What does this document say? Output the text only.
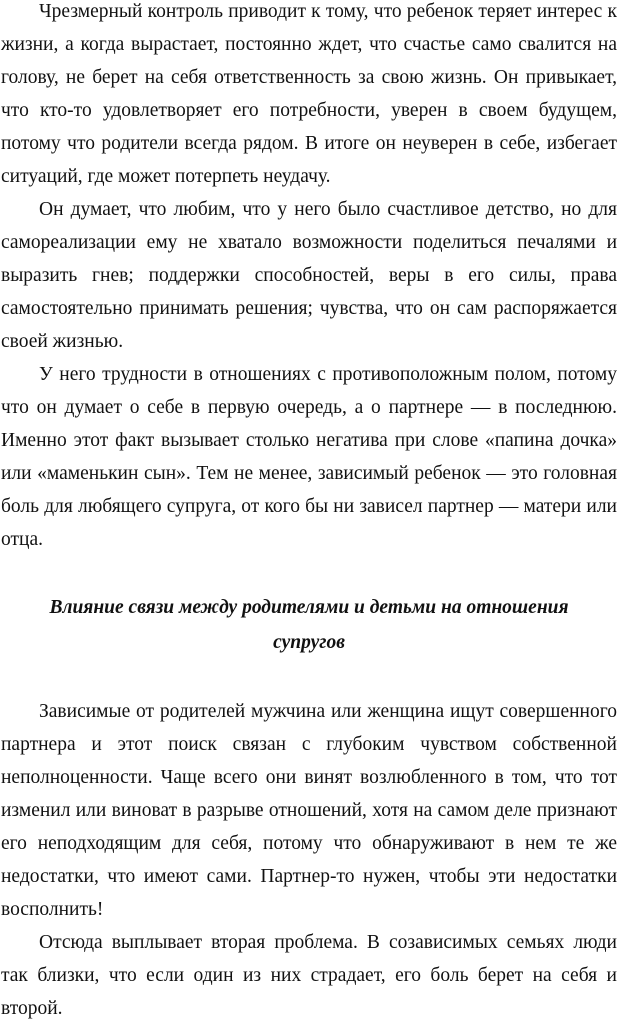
Чрезмерный контроль приводит к тому, что ребенок теряет интерес к жизни, а когда вырастает, постоянно ждет, что счастье само свалится на голову, не берет на себя ответственность за свою жизнь. Он привыкает, что кто-то удовлетворяет его потребности, уверен в своем будущем, потому что родители всегда рядом. В итоге он неуверен в себе, избегает ситуаций, где может потерпеть неудачу.

Он думает, что любим, что у него было счастливое детство, но для самореализации ему не хватало возможности поделиться печалями и выразить гнев; поддержки способностей, веры в его силы, права самостоятельно принимать решения; чувства, что он сам распоряжается своей жизнью.

У него трудности в отношениях с противоположным полом, потому что он думает о себе в первую очередь, а о партнере — в последнюю. Именно этот факт вызывает столько негатива при слове «папина дочка» или «маменькин сын». Тем не менее, зависимый ребенок — это головная боль для любящего супруга, от кого бы ни зависел партнер — матери или отца.

Влияние связи между родителями и детьми на отношения супругов

Зависимые от родителей мужчина или женщина ищут совершенного партнера и этот поиск связан с глубоким чувством собственной неполноценности. Чаще всего они винят возлюбленного в том, что тот изменил или виноват в разрыве отношений, хотя на самом деле признают его неподходящим для себя, потому что обнаруживают в нем те же недостатки, что имеют сами. Партнер-то нужен, чтобы эти недостатки восполнить!

Отсюда выплывает вторая проблема. В созависимых семьях люди так близки, что если один из них страдает, его боль берет на себя и второй.
